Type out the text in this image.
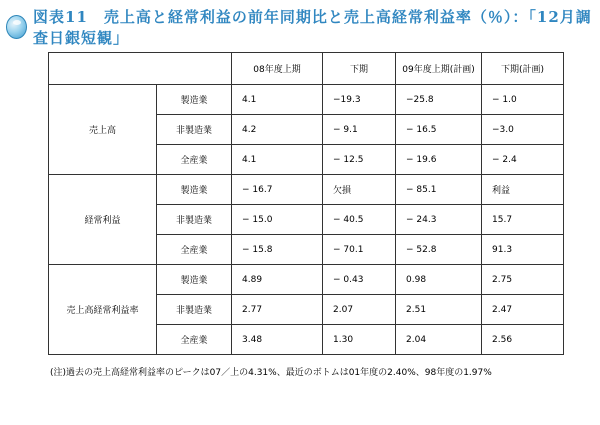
図表11　売上高と経常利益の前年同期比と売上高経常利益率（％）：「12月調査日銀短観」
		08年度上期	下期	09年度上期(計画)	下期(計画)
売上高	製造業	4.1	−19.3	−25.8	− 1.0
	非製造業	4.2	− 9.1	− 16.5	−3.0
	全産業	4.1	− 12.5	− 19.6	− 2.4
経常利益	製造業	− 16.7	欠損	− 85.1	利益
	非製造業	− 15.0	− 40.5	− 24.3	15.7
	全産業	− 15.8	− 70.1	− 52.8	91.3
売上高経常利益率	製造業	4.89	− 0.43	0.98	2.75
	非製造業	2.77	2.07	2.51	2.47
	全産業	3.48	1.30	2.04	2.56
(注)過去の売上高経常利益率のピークは07／上の4.31%、最近のボトムは01年度の2.40%、98年度の1.97%
